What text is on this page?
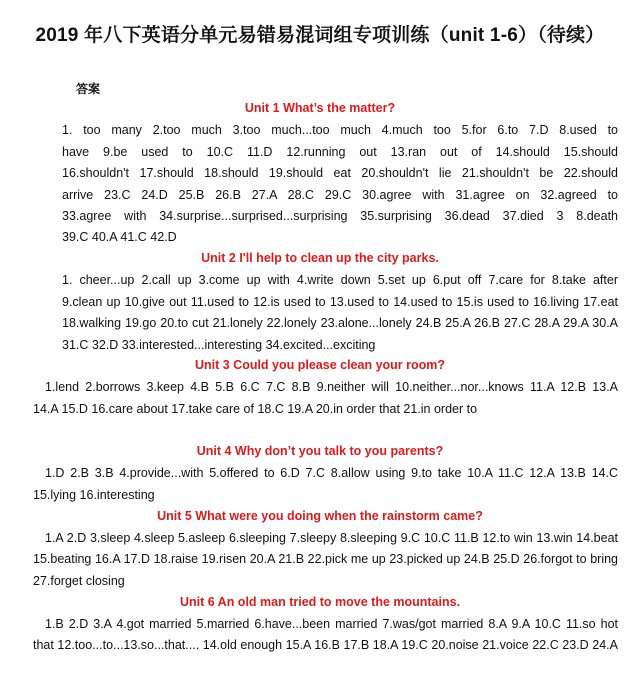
2019 年八下英语分单元易错易混词组专项训练（unit 1-6）（待续）
答案
Unit 1 What’s the matter?
1. too many 2.too much 3.too much...too much 4.much too 5.for 6.to 7.D 8.used to
have 9.be used to 10.C 11.D 12.running out 13.ran out of 14.should 15.should
16.shouldn't 17.should 18.should 19.should eat 20.shouldn't lie 21.shouldn't be 22.should
arrive 23.C 24.D 25.B 26.B 27.A 28.C 29.C 30.agree with 31.agree on 32.agreed to
33.agree with 34.surprise...surprised...surprising 35.surprising 36.dead 37.died 3 8.death
39.C 40.A 41.C 42.D
Unit 2 I'll help to clean up the city parks.
1. cheer...up 2.call up 3.come up with 4.write down 5.set up 6.put off 7.care for 8.take after
9.clean up 10.give out 11.used to 12.is used to 13.used to 14.used to 15.is used to 16.living 17.eat
18.walking 19.go 20.to cut 21.lonely 22.lonely 23.alone...lonely 24.B 25.A 26.B 27.C 28.A 29.A 30.A
31.C 32.D 33.interested...interesting 34.excited...exciting
Unit 3 Could you please clean your room?
1.lend 2.borrows 3.keep 4.B 5.B 6.C 7.C 8.B 9.neither will 10.neither...nor...knows 11.A 12.B 13.A
14.A 15.D 16.care about 17.take care of 18.C 19.A 20.in order that 21.in order to
Unit 4 Why don’t you talk to you parents?
1.D 2.B 3.B 4.provide...with 5.offered to 6.D 7.C 8.allow using 9.to take 10.A 11.C 12.A 13.B 14.C
15.lying 16.interesting
Unit 5 What were you doing when the rainstorm came?
1.A 2.D 3.sleep 4.sleep 5.asleep 6.sleeping 7.sleepy 8.sleeping 9.C 10.C 11.B 12.to win 13.win 14.beat
15.beating 16.A 17.D 18.raise 19.risen 20.A 21.B 22.pick me up 23.picked up 24.B 25.D 26.forgot to bring
27.forget closing
Unit 6 An old man tried to move the mountains.
1.B 2.D 3.A 4.got married 5.married 6.have...been married 7.was/got married 8.A 9.A 10.C 11.so hot
that 12.too...to...13.so...that.... 14.old enough 15.A 16.B 17.B 18.A 19.C 20.noise 21.voice 22.C 23.D 24.A
